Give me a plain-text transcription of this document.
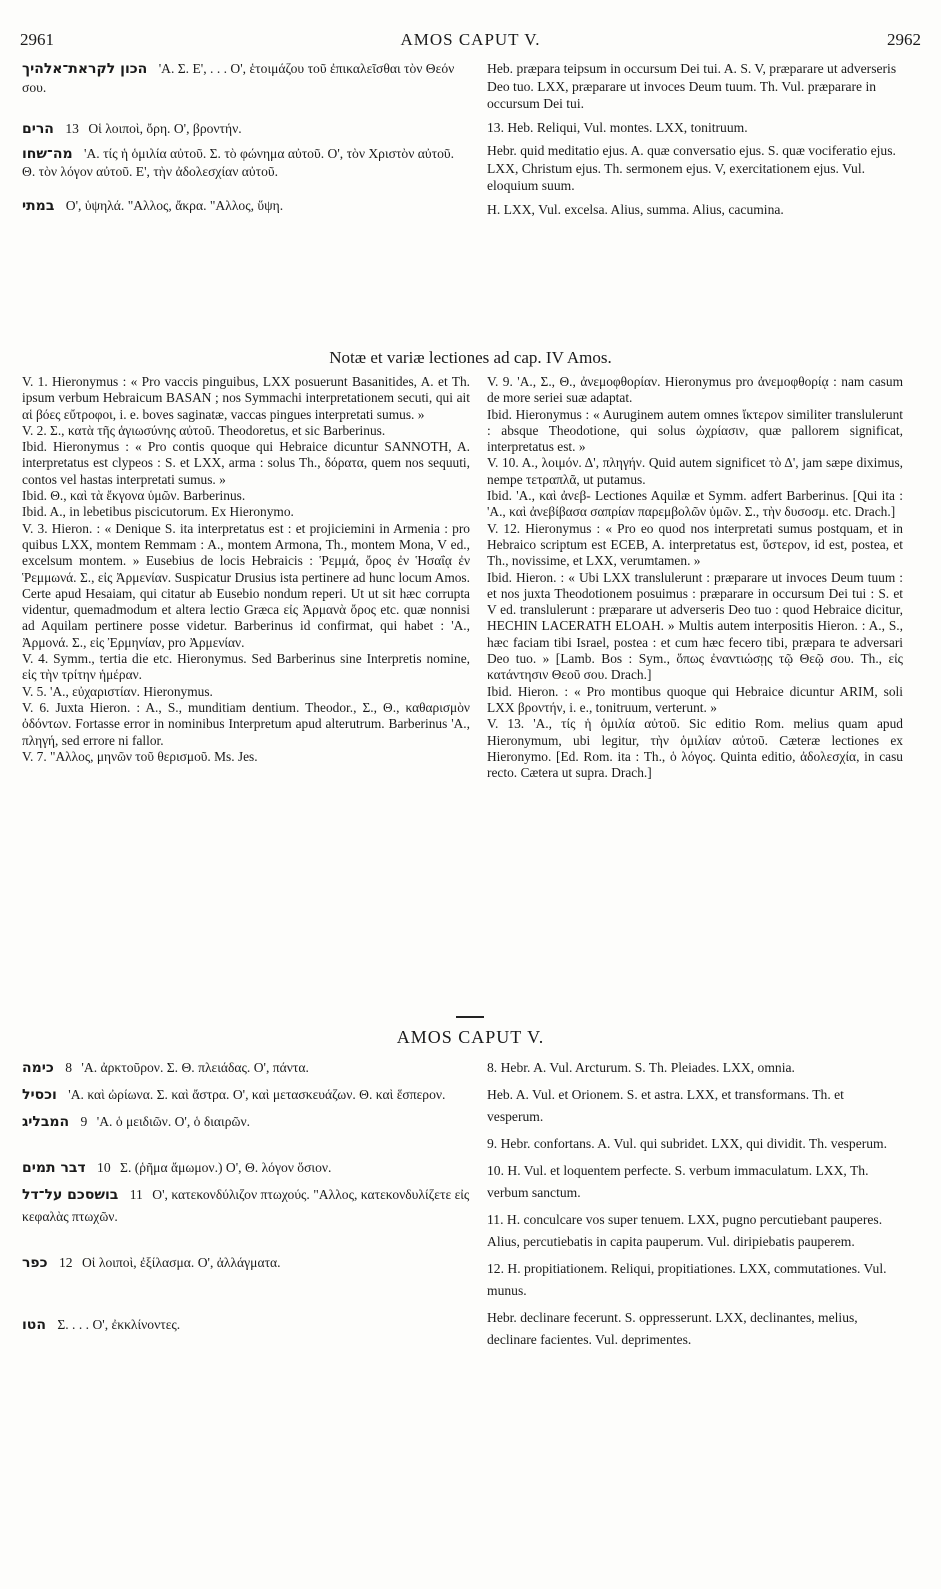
2961	AMOS CAPUT V.	2962
הכון לקראת־אלהיך 'Α. Σ. Ε', . . . Ο', ἑτοιμάζου τοῦ ἐπικαλεῖσθαι τὸν Θεόν σου.
הרים 13 Οἱ λοιποὶ, ὄρη. Ο', βροντήν.
מה־שחו 'Α. τίς ἡ ὁμιλία αὐτοῦ. Σ. τὸ φώνημα αὐτοῦ. Ο', τὸν Χριστὸν αὐτοῦ. Θ. τὸν λόγον αὐτοῦ. Ε', τὴν ἀδολεσχίαν αὐτοῦ.
במתי Ο', ὑψηλά. "Αλλος, ἄκρα. "Αλλος, ὕψη.
Heb. præpara teipsum in occursum Dei tui. A. S. V, præparare ut adverseris Deo tuo. LXX, præparare ut invoces Deum tuum. Th. Vul. præparare in occursum Dei tui.
13. Heb. Reliqui, Vul. montes. LXX, tonitruum.
Hebr. quid meditatio ejus. A. quæ conversatio ejus. S. quæ vociferatio ejus. LXX, Christum ejus. Th. sermonem ejus. V, exercitationem ejus. Vul. eloquium suum.
H. LXX, Vul. excelsa. Alius, summa. Alius, cacumina.
Notæ et variæ lectiones ad cap. IV Amos.

V. 1. Hieronymus : « Pro vaccis pinguibus, LXX posuerunt Basanitides, A. et Th. ipsum verbum Hebraicum BASAN ; nos Symmachi interpretationem secuti, qui ait αἱ βόες εὔτροφοι, i. e. boves saginatæ, vaccas pingues interpretati sumus. »

V. 2. Σ., κατὰ τῆς ἁγιωσύνης αὐτοῦ. Theodoretus, et sic Barberinus.

Ibid. Hieronymus : « Pro contis quoque qui Hebraice dicuntur SANNOTH, A. interpretatus est clypeos : S. et LXX, arma : solus Th., δόρατα, quem nos sequuti, contos vel hastas interpretati sumus. »

Ibid. Θ., καὶ τὰ ἔκγονα ὑμῶν. Barberinus.

Ibid. A., in lebetibus piscicutorum. Ex Hieronymo.

V. 3. Hieron. : « Denique S. ita interpretatus est : et projiciemini in Armenia : pro quibus LXX, montem Remmam : A., montem Armona, Th., montem Mona, V ed., excelsum montem. » Eusebius de locis Hebraicis : Ῥεμμά, ὄρος ἐν Ἡσαΐᾳ ἐν Ῥεμμωνά. Σ., εἰς Ἀρμενίαν. Suspicatur Drusius ista pertinere ad hunc locum Amos. Certe apud Hesaiam, qui citatur ab Eusebio nondum reperi. Ut ut sit hæc corrupta videntur, quemadmodum et altera lectio Græca εἰς Ἀρμανὰ ὄρος etc. quæ nonnisi ad Aquilam pertinere posse videtur. Barberinus id confirmat, qui habet : 'Α., Ἀρμονά. Σ., εἰς Ἐρμηνίαν, pro Ἀρμενίαν.

V. 4. Symm., tertia die etc. Hieronymus. Sed Barberinus sine Interpretis nomine, εἰς τὴν τρίτην ἡμέραν.

V. 5. 'Α., εὐχαριστίαν. Hieronymus.

V. 6. Juxta Hieron. : A., S., munditiam dentium. Theodor., Σ., Θ., καθαρισμὸν ὀδόντων. Fortasse error in nominibus Interpretum apud alterutrum. Barberinus 'Α., πληγή, sed errore ni fallor.

V. 7. "Αλλος, μηνῶν τοῦ θερισμοῦ. Ms. Jes.

V. 9. 'Α., Σ., Θ., ἀνεμοφθορίαν. Hieronymus pro ἀνεμοφθορίᾳ : nam casum de more seriei suæ adaptat.

Ibid. Hieronymus : « Auruginem autem omnes ἴκτερον similiter translulerunt : absque Theodotione, qui solus ὠχρίασιν, quæ pallorem significat, interpretatus est. »

V. 10. A., λοιμόν. Δ', πληγήν. Quid autem significet τὸ Δ', jam sæpe diximus, nempe τετραπλᾶ, ut putamus.

Ibid. 'Α., καὶ ἀνεβ- Lectiones Aquilæ et Symm. adfert Barberinus. [Qui ita : 'Α., καὶ ἀνεβίβασα σαπρίαν παρεμβολῶν ὑμῶν. Σ., τὴν δυσοσμ. etc. Drach.]

V. 12. Hieronymus : « Pro eo quod nos interpretati sumus postquam, et in Hebraico scriptum est ECEB, A. interpretatus est, ὕστερον, id est, postea, et Th., novissime, et LXX, verumtamen. »

Ibid. Hieron. : « Ubi LXX translulerunt : præparare ut invoces Deum tuum : et nos juxta Theodotionem posuimus : præparare in occursum Dei tui : S. et V ed. translulerunt : præparare ut adverseris Deo tuo : quod Hebraice dicitur, HECHIN LACERATH ELOAH. » Multis autem interpositis Hieron. : A., S., hæc faciam tibi Israel, postea : et cum hæc fecero tibi, præpara te adversari Deo tuo. » [Lamb. Bos : Sym., ὅπως ἐναντιώσῃς τῷ Θεῷ σου. Th., εἰς κατάντησιν Θεοῦ σου. Drach.]

Ibid. Hieron. : « Pro montibus quoque qui Hebraice dicuntur ARIM, soli LXX βροντήν, i. e., tonitruum, verterunt. »

V. 13. 'Α., τίς ἡ ὁμιλία αὐτοῦ. Sic editio Rom. melius quam apud Hieronymum, ubi legitur, τὴν ὁμιλίαν αὐτοῦ. Cæteræ lectiones ex Hieronymo. [Ed. Rom. ita : Th., ὁ λόγος. Quinta editio, ἀδολεσχία, in casu recto. Cætera ut supra. Drach.]

AMOS CAPUT V.
כימה 8 'Α. ἀρκτοῦρον. Σ. Θ. πλειάδας. Ο', πάντα.
וכסיל 'Α. καὶ ὠρίωνα. Σ. καὶ ἄστρα. Ο', καὶ μετασκευάζων. Θ. καὶ ἕσπερον.
המבליג 9 'Α. ὁ μειδιῶν. Ο', ὁ διαιρῶν.
דבר תמים 10 Σ. (ῥῆμα ἄμωμον.) Ο', Θ. λόγον ὅσιον.
בושסכם על־דל 11 Ο', κατεκονδύλιζον πτωχούς. "Αλλος, κατεκονδυλίζετε εἰς κεφαλὰς πτωχῶν.
כפר 12 Οἱ λοιποὶ, ἐξίλασμα. Ο', ἀλλάγματα.
הטו Σ. . . . Ο', ἐκκλίνοντες.
8. Hebr. A. Vul. Arcturum. S. Th. Pleiades. LXX, omnia.
Heb. A. Vul. et Orionem. S. et astra. LXX, et transformans. Th. et vesperum.
9. Hebr. confortans. A. Vul. qui subridet. LXX, qui dividit. Th. vesperum.
10. H. Vul. et loquentem perfecte. S. verbum immaculatum. LXX, Th. verbum sanctum.
11. H. conculcare vos super tenuem. LXX, pugno percutiebant pauperes. Alius, percutiebatis in capita pauperum. Vul. diripiebatis pauperem.
12. H. propitiationem. Reliqui, propitiationes. LXX, commutationes. Vul. munus.
Hebr. declinare fecerunt. S. oppresserunt. LXX, declinantes, melius, declinare facientes. Vul. deprimentes.
